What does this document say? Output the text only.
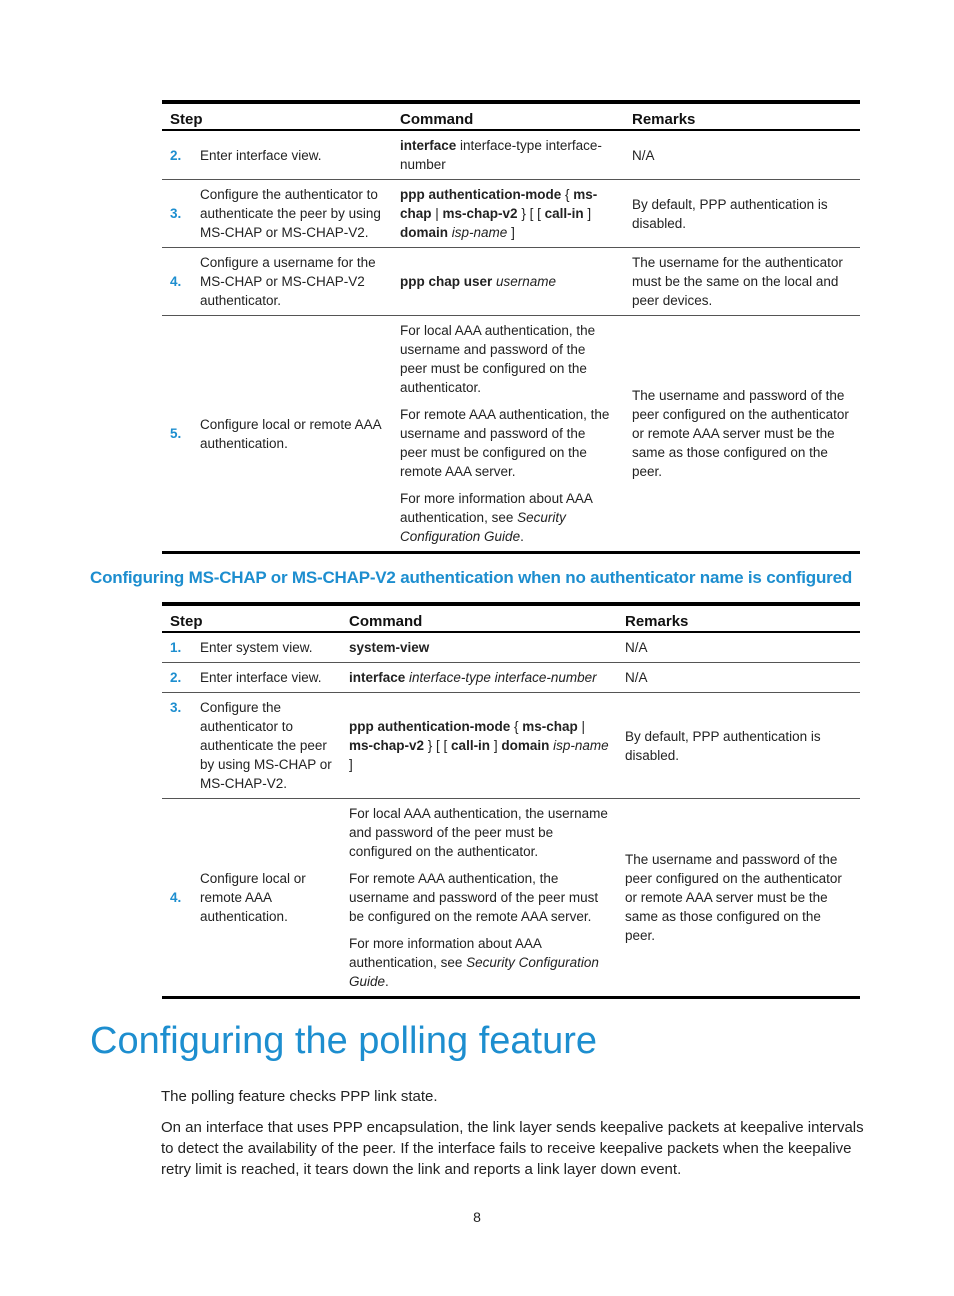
Step		Command	Remarks
2.	Enter interface view.	interface interface-type interface-number	N/A
3.	Configure the authenticator to authenticate the peer by using MS-CHAP or MS-CHAP-V2.	ppp authentication-mode { ms-chap | ms-chap-v2 } [ [ call-in ] domain isp-name ]	By default, PPP authentication is disabled.
4.	Configure a username for the MS-CHAP or MS-CHAP-V2 authenticator.	ppp chap user username	The username for the authenticator must be the same on the local and peer devices.
5.	Configure local or remote AAA authentication.	For local AAA authentication, the username and password of the peer must be configured on the authenticator.

For remote AAA authentication, the username and password of the peer must be configured on the remote AAA server.

For more information about AAA authentication, see Security Configuration Guide.	The username and password of the peer configured on the authenticator or remote AAA server must be the same as those configured on the peer.
Configuring MS-CHAP or MS-CHAP-V2 authentication when no authenticator name is configured
Step		Command	Remarks
1.	Enter system view.	system-view	N/A
2.	Enter interface view.	interface interface-type interface-number	N/A
3.	Configure the authenticator to authenticate the peer by using MS-CHAP or MS-CHAP-V2.	ppp authentication-mode { ms-chap | ms-chap-v2 } [ [ call-in ] domain isp-name ]	By default, PPP authentication is disabled.
4.	Configure local or remote AAA authentication.	For local AAA authentication, the username and password of the peer must be configured on the authenticator.

For remote AAA authentication, the username and password of the peer must be configured on the remote AAA server.

For more information about AAA authentication, see Security Configuration Guide.	The username and password of the peer configured on the authenticator or remote AAA server must be the same as those configured on the peer.
Configuring the polling feature

The polling feature checks PPP link state.

On an interface that uses PPP encapsulation, the link layer sends keepalive packets at keepalive intervals to detect the availability of the peer. If the interface fails to receive keepalive packets when the keepalive retry limit is reached, it tears down the link and reports a link layer down event.

8
